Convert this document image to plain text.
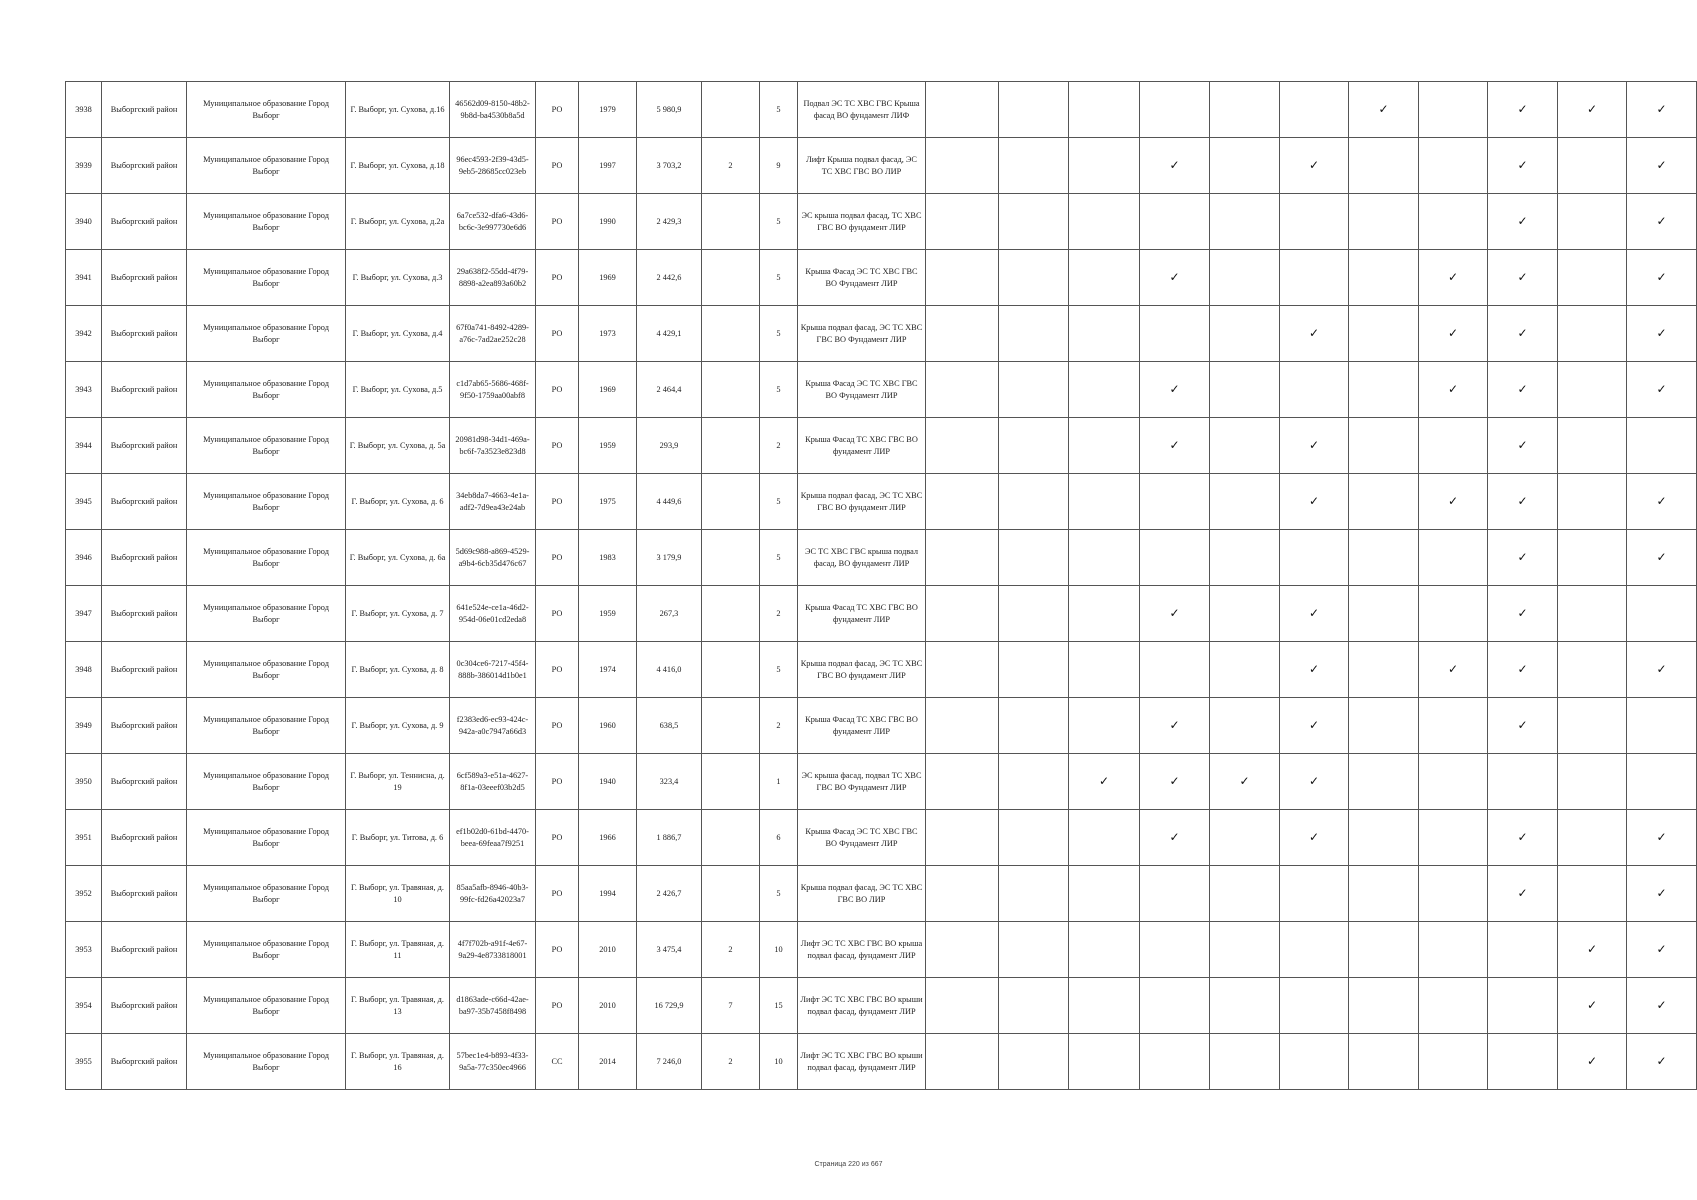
3938	Выборгский район	Муниципальное образование Город Выборг	Г. Выборг, ул. Сухова, д.16	46562d09-8150-48b2-9b8d-ba4530b8a5d	РО	1979	5 980,9		5	Подвал ЭС ТС ХВС ГВС Крыша фасад ВО фундамент ЛИФ							✓		✓	✓	✓
3939	Выборгский район	Муниципальное образование Город Выборг	Г. Выборг, ул. Сухова, д.18	96ec4593-2f39-43d5-9eb5-28685cc023eb	РО	1997	3 703,2	2	9	Лифт Крыша подвал фасад, ЭС ТС ХВС ГВС ВО ЛИР				✓		✓			✓		✓
3940	Выборгский район	Муниципальное образование Город Выборг	Г. Выборг, ул. Сухова, д.2а	6a7ce532-dfa6-43d6-bc6c-3e997730e6d6	РО	1990	2 429,3		5	ЭС крыша подвал фасад, ТС ХВС ГВС ВО фундамент ЛИР									✓		✓
3941	Выборгский район	Муниципальное образование Город Выборг	Г. Выборг, ул. Сухова, д.3	29a638f2-55dd-4f79-8898-a2ea893a60b2	РО	1969	2 442,6		5	Крыша Фасад ЭС ТС ХВС ГВС ВО Фундамент ЛИР				✓				✓	✓		✓
3942	Выборгский район	Муниципальное образование Город Выборг	Г. Выборг, ул. Сухова, д.4	67f0a741-8492-4289-a76c-7ad2ae252c28	РО	1973	4 429,1		5	Крыша подвал фасад, ЭС ТС ХВС ГВС ВО Фундамент ЛИР						✓		✓	✓		✓
3943	Выборгский район	Муниципальное образование Город Выборг	Г. Выборг, ул. Сухова, д.5	c1d7ab65-5686-468f-9f50-1759aa00abf8	РО	1969	2 464,4		5	Крыша Фасад ЭС ТС ХВС ГВС ВО Фундамент ЛИР				✓				✓	✓		✓
3944	Выборгский район	Муниципальное образование Город Выборг	Г. Выборг, ул. Сухова, д. 5а	20981d98-34d1-469a-bc6f-7a3523e823d8	РО	1959	293,9		2	Крыша Фасад ТС ХВС ГВС ВО фундамент ЛИР				✓		✓			✓		
3945	Выборгский район	Муниципальное образование Город Выборг	Г. Выборг, ул. Сухова, д. 6	34eb8da7-4663-4e1a-adf2-7d9ea43e24ab	РО	1975	4 449,6		5	Крыша подвал фасад, ЭС ТС ХВС ГВС ВО фундамент ЛИР						✓		✓	✓		✓
3946	Выборгский район	Муниципальное образование Город Выборг	Г. Выборг, ул. Сухова, д. 6а	5d69c988-a869-4529-a9b4-6cb35d476c67	РО	1983	3 179,9		5	ЭС ТС ХВС ГВС крыша подвал фасад, ВО фундамент ЛИР									✓		✓
3947	Выборгский район	Муниципальное образование Город Выборг	Г. Выборг, ул. Сухова, д. 7	641e524e-ce1a-46d2-954d-06e01cd2eda8	РО	1959	267,3		2	Крыша Фасад ТС ХВС ГВС ВО фундамент ЛИР				✓		✓			✓		
3948	Выборгский район	Муниципальное образование Город Выборг	Г. Выборг, ул. Сухова, д. 8	0c304ce6-7217-45f4-888b-386014d1b0e1	РО	1974	4 416,0		5	Крыша подвал фасад, ЭС ТС ХВС ГВС ВО фундамент ЛИР						✓		✓	✓		✓
3949	Выборгский район	Муниципальное образование Город Выборг	Г. Выборг, ул. Сухова, д. 9	f2383ed6-ec93-424c-942a-a0c7947a66d3	РО	1960	638,5		2	Крыша Фасад ТС ХВС ГВС ВО фундамент ЛИР				✓		✓			✓		
3950	Выборгский район	Муниципальное образование Город Выборг	Г. Выборг, ул. Теннисна, д. 19	6cf589a3-e51a-4627-8f1a-03eeef03b2d5	РО	1940	323,4		1	ЭС крыша фасад, подвал ТС ХВС ГВС ВО Фундамент ЛИР			✓	✓	✓	✓					
3951	Выборгский район	Муниципальное образование Город Выборг	Г. Выборг, ул. Титова, д. 6	ef1b02d0-61bd-4470-beea-69feaa7f9251	РО	1966	1 886,7		6	Крыша Фасад ЭС ТС ХВС ГВС ВО Фундамент ЛИР				✓		✓			✓		✓
3952	Выборгский район	Муниципальное образование Город Выборг	Г. Выборг, ул. Травяная, д. 10	85aa5afb-8946-40b3-99fc-fd26a42023a7	РО	1994	2 426,7		5	Крыша подвал фасад, ЭС ТС ХВС ГВС ВО ЛИР									✓		✓
3953	Выборгский район	Муниципальное образование Город Выборг	Г. Выборг, ул. Травяная, д. 11	4f7f702b-a91f-4e67-9a29-4e8733818001	РО	2010	3 475,4	2	10	Лифт ЭС ТС ХВС ГВС ВО крыша подвал фасад, фундамент ЛИР										✓	✓
3954	Выборгский район	Муниципальное образование Город Выборг	Г. Выборг, ул. Травяная, д. 13	d1863ade-c66d-42ae-ba97-35b7458f8498	РО	2010	16 729,9	7	15	Лифт ЭС ТС ХВС ГВС ВО крыши подвал фасад, фундамент ЛИР										✓	✓
3955	Выборгский район	Муниципальное образование Город Выборг	Г. Выборг, ул. Травяная, д. 16	57bec1e4-b893-4f33-9a5a-77c350ec4966	СС	2014	7 246,0	2	10	Лифт ЭС ТС ХВС ГВС ВО крыши подвал фасад, фундамент ЛИР										✓	✓
Страница 220 из 667
